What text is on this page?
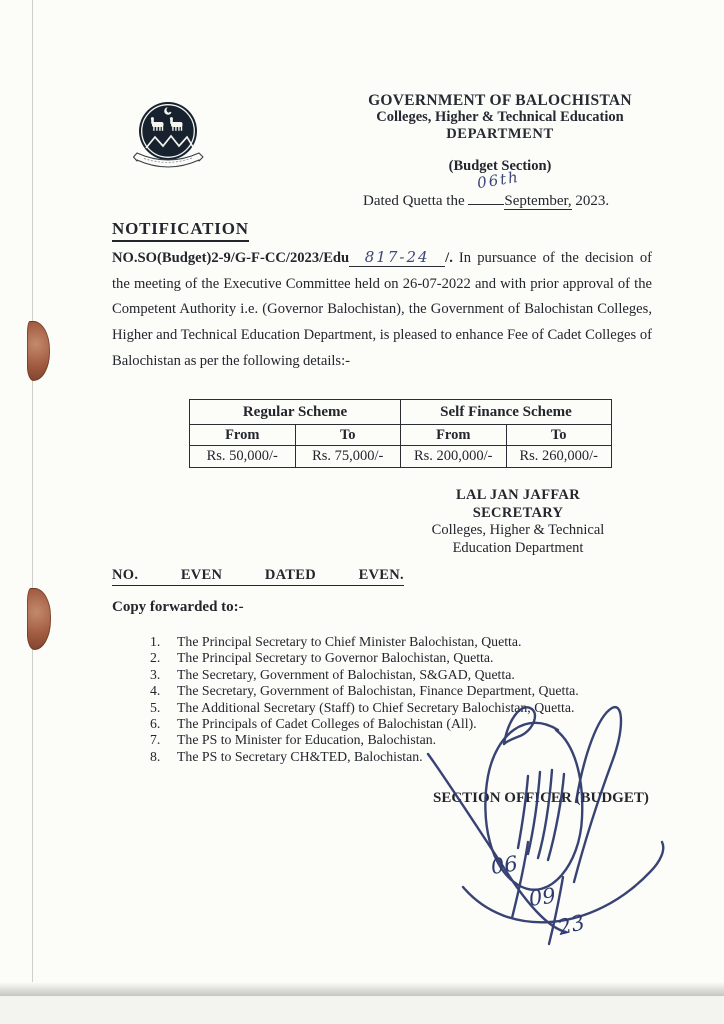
GOVERNMENT OF BALOCHISTAN
Colleges, Higher & Technical Education
DEPARTMENT
(Budget Section)
Dated Quetta the	September, 2023.
06th
NOTIFICATION

NO.SO(Budget)2-9/G-F-CC/2023/Edu 817-24 /. In pursuance of the decision of the meeting of the Executive Committee held on 26-07-2022 and with prior approval of the Competent Authority i.e. (Governor Balochistan), the Government of Balochistan Colleges, Higher and Technical Education Department, is pleased to enhance Fee of Cadet Colleges of Balochistan as per the following details:-

Regular Scheme		Self Finance Scheme	
From	To	From	To
Rs. 50,000/-	Rs. 75,000/-	Rs. 200,000/-	Rs. 260,000/-
LAL JAN JAFFAR
SECRETARY
Colleges, Higher & Technical
Education Department
NO.	EVEN	DATED	EVEN.
Copy forwarded to:-
1.	The Principal Secretary to Chief Minister Balochistan, Quetta.
2.	The Principal Secretary to Governor Balochistan, Quetta.
3.	The Secretary, Government of Balochistan, S&GAD, Quetta.
4.	The Secretary, Government of Balochistan, Finance Department, Quetta.
5.	The Additional Secretary (Staff) to Chief Secretary Balochistan, Quetta.
6.	The Principals of Cadet Colleges of Balochistan (All).
7.	The PS to Minister for Education, Balochistan.
8.	The PS to Secretary CH&TED, Balochistan.
SECTION OFFICER (BUDGET)
06
09
23
